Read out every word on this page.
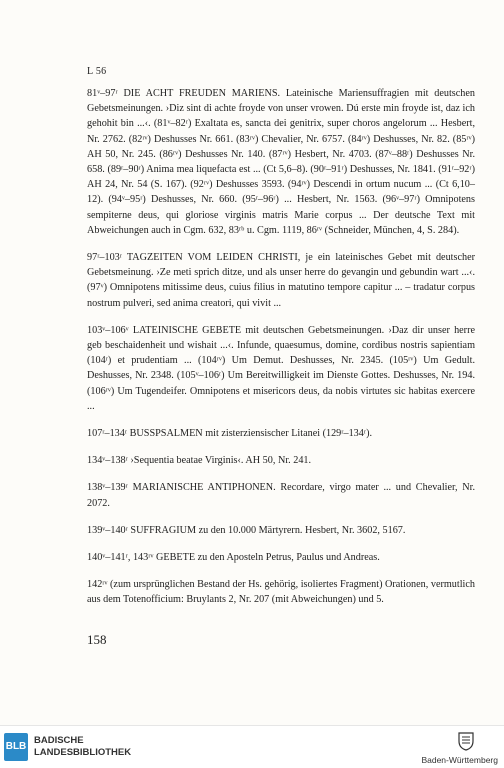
L 56

81ᵛ–97ʳ DIE ACHT FREUDEN MARIENS. Lateinische Mariensuffragien mit deutschen Gebetsmeinungen. ›Diz sint di achte froyde von unser vrowen. Dú erste min froyde ist, daz ich gehohit bin ...‹. (81ᵛ–82ʳ) Exaltata es, sancta dei genitrix, super choros angelorum ... Hesbert, Nr. 2762. (82ʳᵛ) Deshusses Nr. 661. (83ʳᵛ) Chevalier, Nr. 6757. (84ʳᵛ) Deshusses, Nr. 82. (85ʳᵛ) AH 50, Nr. 245. (86ʳᵛ) Deshusses Nr. 140. (87ʳᵛ) Hesbert, Nr. 4703. (87ᵛ–88ʳ) Deshusses Nr. 658. (89ʳ–90ʳ) Anima mea liquefacta est ... (Ct 5,6–8). (90ʳ–91ʳ) Deshusses, Nr. 1841. (91ʳ–92ʳ) AH 24, Nr. 54 (S. 167). (92ʳᵛ) Deshusses 3593. (94ʳᵛ) Descendi in ortum nucum ... (Ct 6,10–12). (94ᵛ–95ʳ) Deshusses, Nr. 660. (95ʳ–96ʳ) ... Hesbert, Nr. 1563. (96ᵛ–97ʳ) Omnipotens sempiterne deus, qui gloriose virginis matris Marie corpus ... Der deutsche Text mit Abweichungen auch in Cgm. 632, 83ʳᵇ u. Cgm. 1119, 86ʳᵛ (Schneider, München, 4, S. 284).

97ʳ–103ʳ TAGZEITEN VOM LEIDEN CHRISTI, je ein lateinisches Gebet mit deutscher Gebetsmeinung. ›Ze meti sprich ditze, und als unser herre do gevangin und gebundin wart ...‹. (97ᵛ) Omnipotens mitissime deus, cuius filius in matutino tempore capitur ... – tradatur corpus nostrum pulveri, sed anima creatori, qui vivit ...

103ᵛ–106ᵛ LATEINISCHE GEBETE mit deutschen Gebetsmeinungen. ›Daz dir unser herre geb beschaidenheit und wishait ...‹. Infunde, quaesumus, domine, cordibus nostris sapientiam (104ʳ) et prudentiam ... (104ʳᵛ) Um Demut. Deshusses, Nr. 2345. (105ʳᵛ) Um Gedult. Deshusses, Nr. 2348. (105ᵛ–106ʳ) Um Bereitwilligkeit im Dienste Gottes. Deshusses, Nr. 194. (106ʳᵛ) Um Tugendeifer. Omnipotens et misericors deus, da nobis virtutes sic habitas exercere ...

107ʳ–134ʳ BUSSPSALMEN mit zisterziensischer Litanei (129ʳ–134ʳ).

134ᵛ–138ʳ ›Sequentia beatae Virginis‹. AH 50, Nr. 241.

138ᵛ–139ʳ MARIANISCHE ANTIPHONEN. Recordare, virgo mater ... und Chevalier, Nr. 2072.

139ᵛ–140ʳ SUFFRAGIUM zu den 10.000 Märtyrern. Hesbert, Nr. 3602, 5167.

140ᵛ–141ʳ, 143ʳᵛ GEBETE zu den Aposteln Petrus, Paulus und Andreas.

142ʳᵛ (zum ursprünglichen Bestand der Hs. gehörig, isoliertes Fragment) Orationen, vermutlich aus dem Totenofficium: Bruylants 2, Nr. 207 (mit Abweichungen) und 5.

158
BLB
BADISCHE
LANDESBIBLIOTHEK
Baden-Württemberg
